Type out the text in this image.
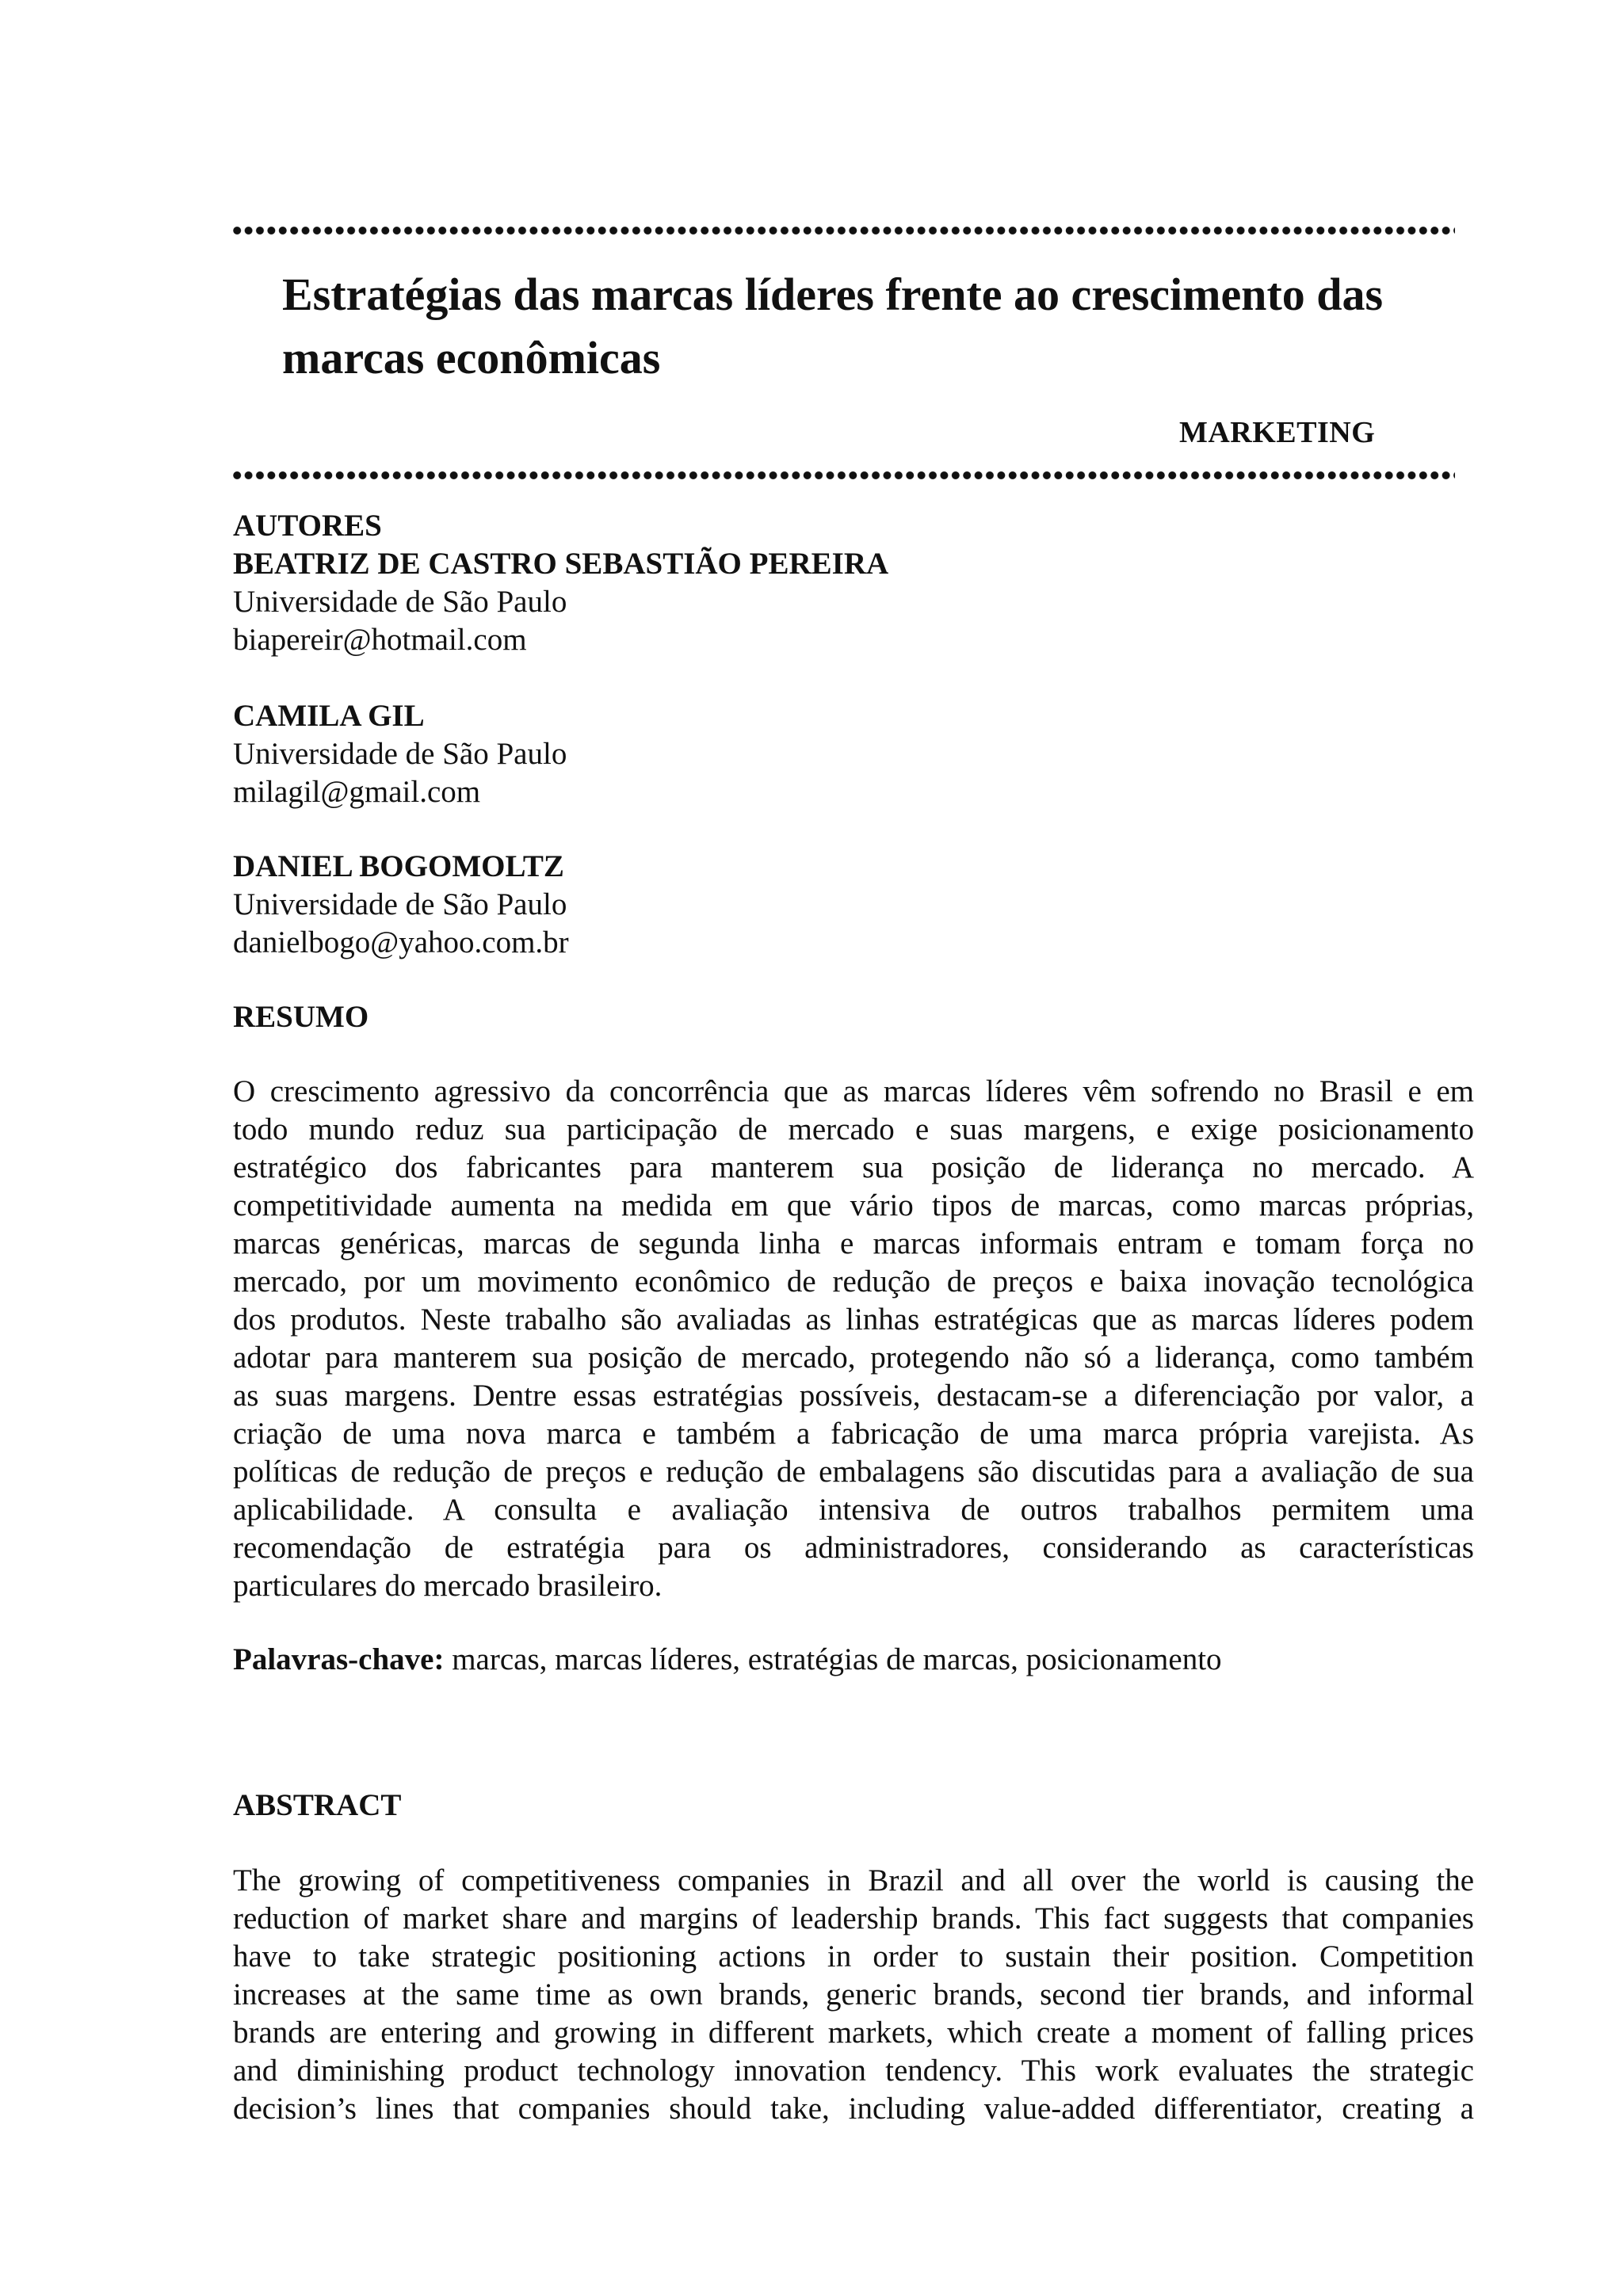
Estratégias das marcas líderes frente ao crescimento das
marcas econômicas

MARKETING

AUTORES
BEATRIZ DE CASTRO SEBASTIÃO PEREIRA
Universidade de São Paulo
biapereir@hotmail.com
CAMILA GIL
Universidade de São Paulo
milagil@gmail.com
DANIEL BOGOMOLTZ
Universidade de São Paulo
danielbogo@yahoo.com.br
RESUMO
O crescimento agressivo da concorrência que as marcas líderes vêm sofrendo no Brasil e em
todo mundo reduz sua participação de mercado e suas margens, e exige posicionamento
estratégico dos fabricantes para manterem sua posição de liderança no mercado. A
competitividade aumenta na medida em que vário tipos de marcas, como marcas próprias,
marcas genéricas, marcas de segunda linha e marcas informais entram e tomam força no
mercado, por um movimento econômico de redução de preços e baixa inovação tecnológica
dos produtos. Neste trabalho são avaliadas as linhas estratégicas que as marcas líderes podem
adotar para manterem sua posição de mercado, protegendo não só a liderança, como também
as suas margens. Dentre essas estratégias possíveis, destacam-se a diferenciação por valor, a
criação de uma nova marca e também a fabricação de uma marca própria varejista. As
políticas de redução de preços e redução de embalagens são discutidas para a avaliação de sua
aplicabilidade. A consulta e avaliação intensiva de outros trabalhos permitem uma
recomendação de estratégia para os administradores, considerando as características
particulares do mercado brasileiro.
Palavras-chave: marcas, marcas líderes, estratégias de marcas, posicionamento
ABSTRACT
The growing of competitiveness companies in Brazil and all over the world is causing the
reduction of market share and margins of leadership brands. This fact suggests that companies
have to take strategic positioning actions in order to sustain their position. Competition
increases at the same time as own brands, generic brands, second tier brands, and informal
brands are entering and growing in different markets, which create a moment of falling prices
and diminishing product technology innovation tendency. This work evaluates the strategic
decision’s lines that companies should take, including value-added differentiator, creating a
